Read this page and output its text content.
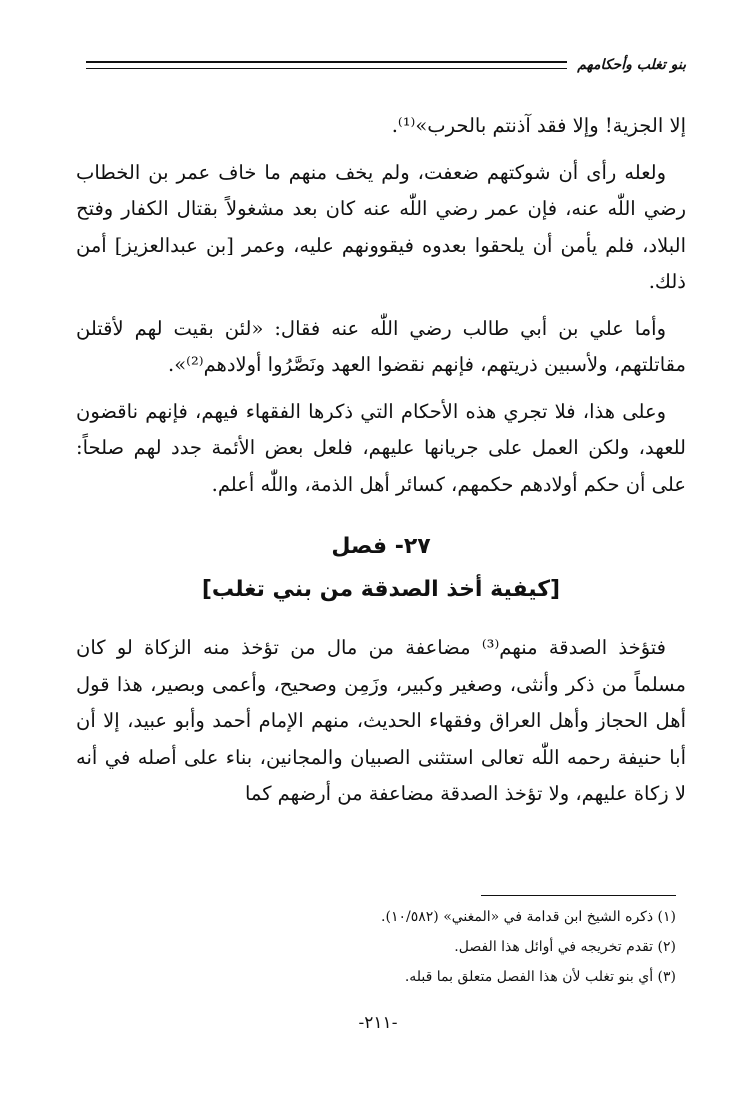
بنو تغلب وأحكامهم

إلا الجزية! وإلا فقد آذنتم بالحرب»⁽¹⁾.

ولعله رأى أن شوكتهم ضعفت، ولم يخف منهم ما خاف عمر بن الخطاب رضي اللّٰه عنه، فإن عمر رضي اللّٰه عنه كان بعد مشغولاً بقتال الكفار وفتح البلاد، فلم يأمن أن يلحقوا بعدوه فيقوونهم عليه، وعمر [بن عبدالعزيز] أمن ذلك.

وأما علي بن أبي طالب رضي اللّٰه عنه فقال: «لئن بقيت لهم لأقتلن مقاتلتهم، ولأسبين ذريتهم، فإنهم نقضوا العهد ونَصَّرُوا أولادهم⁽²⁾».

وعلى هذا، فلا تجري هذه الأحكام التي ذكرها الفقهاء فيهم، فإنهم ناقضون للعهد، ولكن العمل على جريانها عليهم، فلعل بعض الأئمة جدد لهم صلحاً: على أن حكم أولادهم حكمهم، كسائر أهل الذمة، واللّٰه أعلم.

٢٧- فصل
[كيفية أخذ الصدقة من بني تغلب]

فتؤخذ الصدقة منهم⁽³⁾ مضاعفة من مال من تؤخذ منه الزكاة لو كان مسلماً من ذكر وأنثى، وصغير وكبير، وزَمِن وصحيح، وأعمى وبصير، هذا قول أهل الحجاز وأهل العراق وفقهاء الحديث، منهم الإمام أحمد وأبو عبيد، إلا أن أبا حنيفة رحمه اللّٰه تعالى استثنى الصبيان والمجانين، بناء على أصله في أنه لا زكاة عليهم، ولا تؤخذ الصدقة مضاعفة من أرضهم كما

(١) ذكره الشيخ ابن قدامة في «المغني» (١٠/٥٨٢).

(٢) تقدم تخريجه في أوائل هذا الفصل.

(٣) أي بنو تغلب لأن هذا الفصل متعلق بما قبله.

-٢١١-
